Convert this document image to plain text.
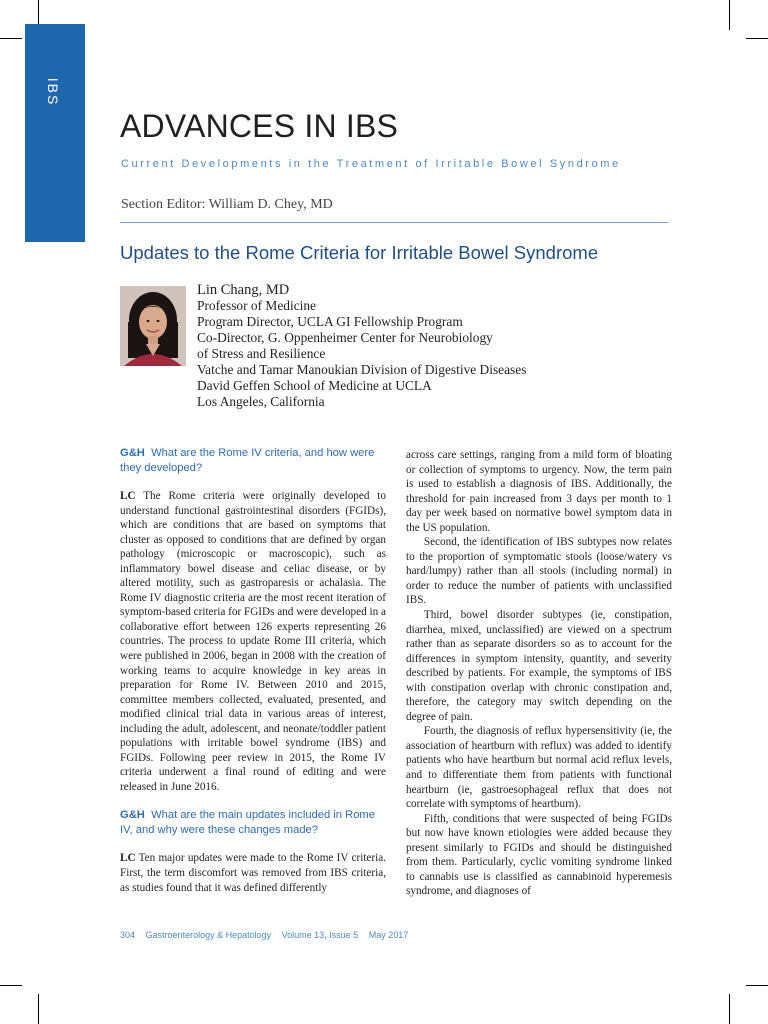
IBS
ADVANCES IN IBS
Current Developments in the Treatment of Irritable Bowel Syndrome
Section Editor: William D. Chey, MD
Updates to the Rome Criteria for Irritable Bowel Syndrome
Lin Chang, MD
Professor of Medicine
Program Director, UCLA GI Fellowship Program
Co-Director, G. Oppenheimer Center for Neurobiology
of Stress and Resilience
Vatche and Tamar Manoukian Division of Digestive Diseases
David Geffen School of Medicine at UCLA
Los Angeles, California

G&H What are the Rome IV criteria, and how were they developed?

LC The Rome criteria were originally developed to understand functional gastrointestinal disorders (FGIDs), which are conditions that are based on symptoms that cluster as opposed to conditions that are defined by organ pathology (microscopic or macroscopic), such as inflammatory bowel disease and celiac disease, or by altered motility, such as gastroparesis or achalasia. The Rome IV diagnostic criteria are the most recent iteration of symptom-based criteria for FGIDs and were developed in a collaborative effort between 126 experts representing 26 countries. The process to update Rome III criteria, which were published in 2006, began in 2008 with the creation of working teams to acquire knowledge in key areas in preparation for Rome IV. Between 2010 and 2015, committee members collected, evaluated, presented, and modified clinical trial data in various areas of interest, including the adult, adolescent, and neonate/toddler patient populations with irritable bowel syndrome (IBS) and FGIDs. Following peer review in 2015, the Rome IV criteria underwent a final round of editing and were released in June 2016.

G&H What are the main updates included in Rome IV, and why were these changes made?

LC Ten major updates were made to the Rome IV criteria. First, the term discomfort was removed from IBS criteria, as studies found that it was defined differently

across care settings, ranging from a mild form of bloating or collection of symptoms to urgency. Now, the term pain is used to establish a diagnosis of IBS. Additionally, the threshold for pain increased from 3 days per month to 1 day per week based on normative bowel symptom data in the US population.

Second, the identification of IBS subtypes now relates to the proportion of symptomatic stools (loose/watery vs hard/lumpy) rather than all stools (including normal) in order to reduce the number of patients with unclassified IBS.

Third, bowel disorder subtypes (ie, constipation, diarrhea, mixed, unclassified) are viewed on a spectrum rather than as separate disorders so as to account for the differences in symptom intensity, quantity, and severity described by patients. For example, the symptoms of IBS with constipation overlap with chronic constipation and, therefore, the category may switch depending on the degree of pain.

Fourth, the diagnosis of reflux hypersensitivity (ie, the association of heartburn with reflux) was added to identify patients who have heartburn but normal acid reflux levels, and to differentiate them from patients with functional heartburn (ie, gastroesophageal reflux that does not correlate with symptoms of heartburn).

Fifth, conditions that were suspected of being FGIDs but now have known etiologies were added because they present similarly to FGIDs and should be distinguished from them. Particularly, cyclic vomiting syndrome linked to cannabis use is classified as cannabinoid hyperemesis syndrome, and diagnoses of

304 Gastroenterology & Hepatology Volume 13, Issue 5 May 2017
